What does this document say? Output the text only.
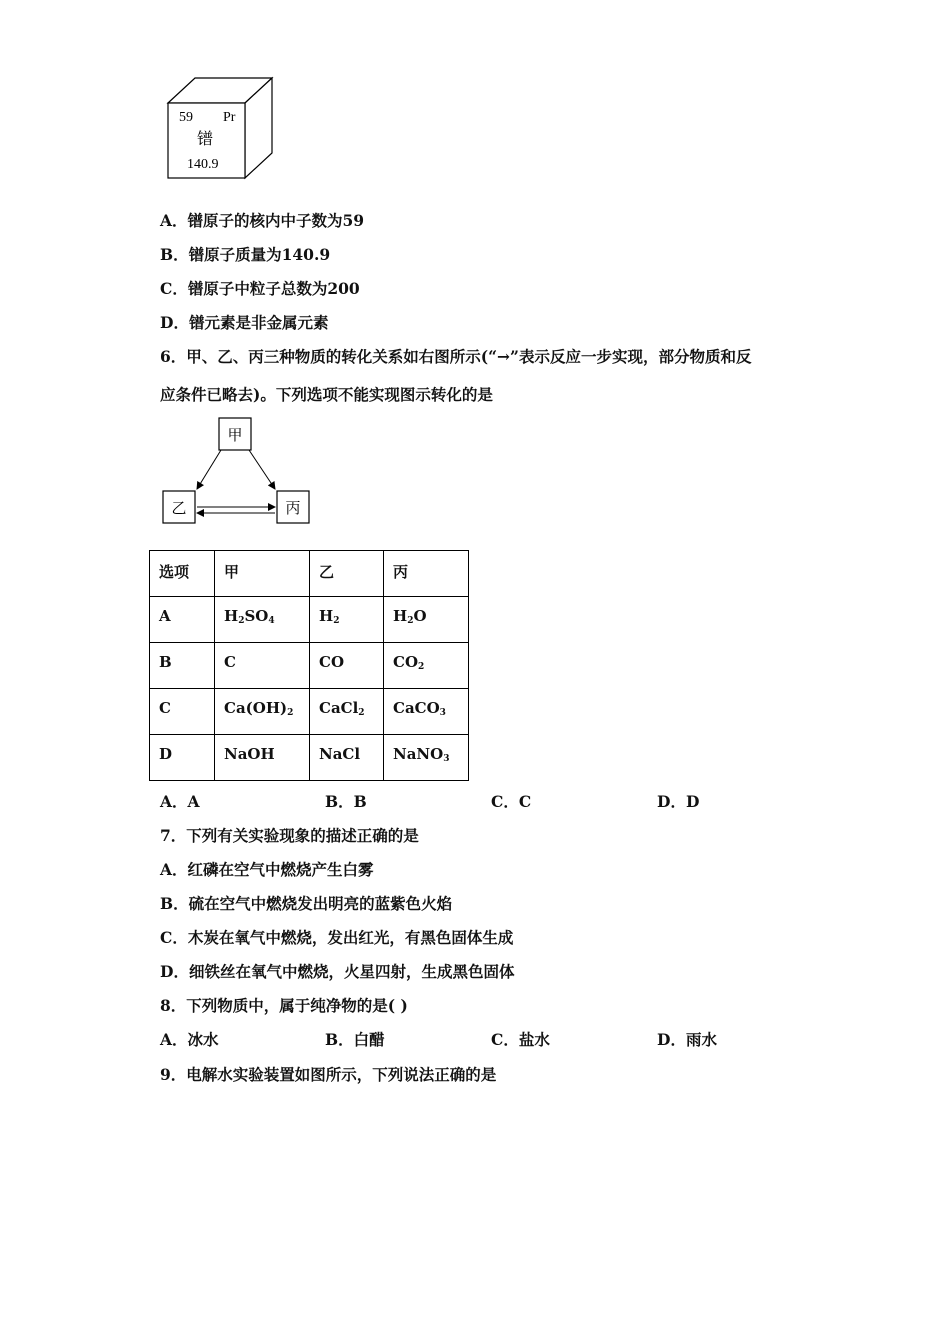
59 Pr
镨
140.9
A．镨原子的核内中子数为59
B．镨原子质量为140.9
C．镨原子中粒子总数为200
D．镨元素是非金属元素
6．甲、乙、丙三种物质的转化关系如右图所示(“→”表示反应一步实现，部分物质和反
应条件已略去)。下列选项不能实现图示转化的是
甲
乙	丙
选项	甲	乙	丙
A	$H_2SO_4$	$H_2$	$H_2O$
B	C	CO	$CO_2$
C	$Ca(OH)_2$	CaCl$_2$	CaCO$_3$
D	NaOH	NaCl	NaNO$_3$
A．A	B．B	C．C	D．D
7．下列有关实验现象的描述正确的是
A．红磷在空气中燃烧产生白雾
B．硫在空气中燃烧发出明亮的蓝紫色火焰
C．木炭在氧气中燃烧，发出红光，有黑色固体生成
D．细铁丝在氧气中燃烧，火星四射，生成黑色固体
8．下列物质中，属于纯净物的是( )
A．冰水	B．白醋	C．盐水	D．雨水
9．电解水实验装置如图所示，下列说法正确的是
